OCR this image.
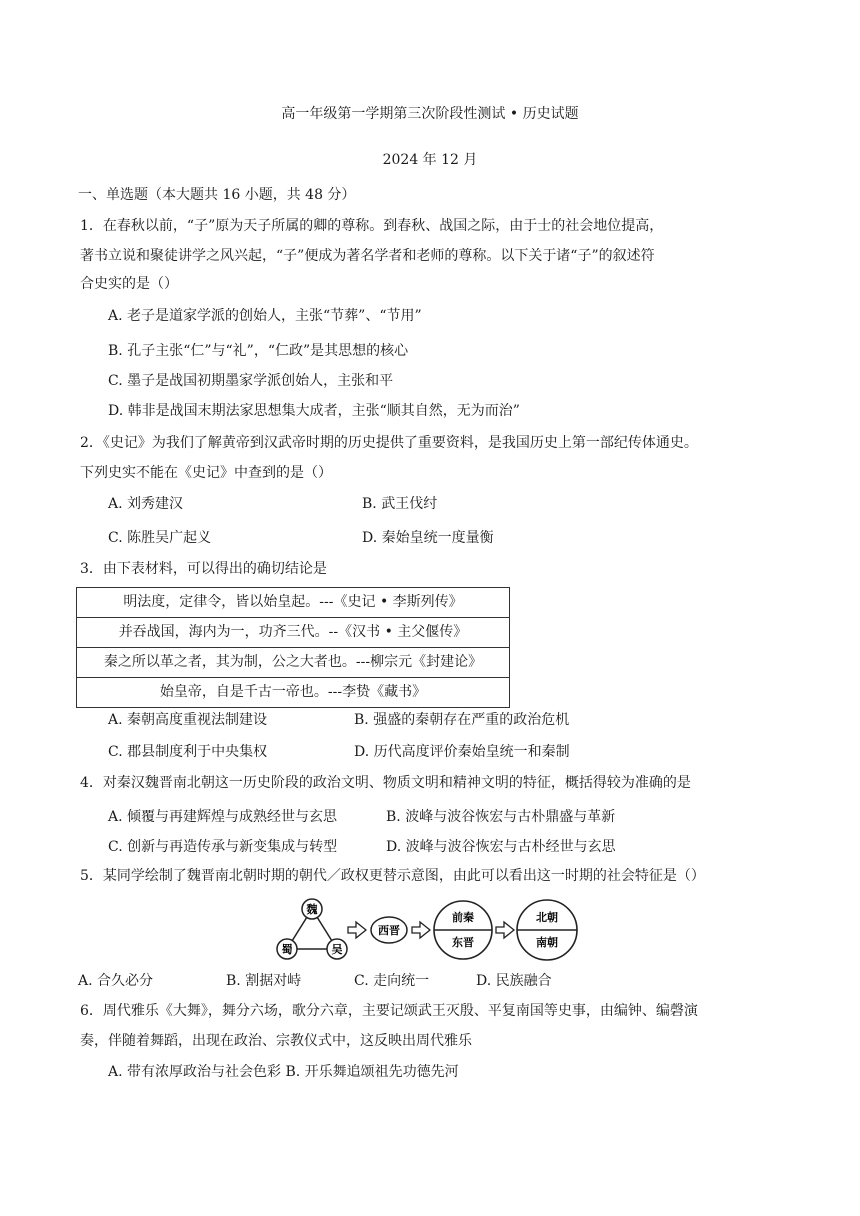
高一年级第一学期第三次阶段性测试 • 历史试题
2024 年 12 月
一、单选题（本大题共 16 小题，共 48 分）
1．在春秋以前，“子”原为天子所属的卿的尊称。到春秋、战国之际，由于士的社会地位提高，
著书立说和聚徒讲学之风兴起，“子”便成为著名学者和老师的尊称。以下关于诸“子”的叙述符
合史实的是（）
A. 老子是道家学派的创始人，主张“节葬”、“节用”
B. 孔子主张“仁”与“礼”，“仁政”是其思想的核心
C. 墨子是战国初期墨家学派创始人，主张和平
D. 韩非是战国末期法家思想集大成者，主张“顺其自然，无为而治”
2．《史记》为我们了解黄帝到汉武帝时期的历史提供了重要资料，是我国历史上第一部纪传体通史。
下列史实不能在《史记》中查到的是（）
A. 刘秀建汉	B. 武王伐纣
C. 陈胜吴广起义	D. 秦始皇统一度量衡
3．由下表材料，可以得出的确切结论是
明法度，定律令，皆以始皇起。---《史记 • 李斯列传》
并吞战国，海内为一，功齐三代。--《汉书 • 主父偃传》
秦之所以革之者，其为制，公之大者也。---柳宗元《封建论》
始皇帝，自是千古一帝也。---李贽《藏书》
A. 秦朝高度重视法制建设	B. 强盛的秦朝存在严重的政治危机
C. 郡县制度利于中央集权	D. 历代高度评价秦始皇统一和秦制
4．对秦汉魏晋南北朝这一历史阶段的政治文明、物质文明和精神文明的特征，概括得较为准确的是
A. 倾覆与再建辉煌与成熟经世与玄思	B. 波峰与波谷恢宏与古朴鼎盛与革新
C. 创新与再造传承与新变集成与转型	D. 波峰与波谷恢宏与古朴经世与玄思
5．某同学绘制了魏晋南北朝时期的朝代／政权更替示意图，由此可以看出这一时期的社会特征是（）
魏
蜀	吴
西晋
前秦
东晋
北朝
南朝
A. 合久必分	B. 割据对峙	C. 走向统一	D. 民族融合
6．周代雅乐《大舞》，舞分六场，歌分六章，主要记颂武王灭殷、平复南国等史事，由编钟、编磬演
奏，伴随着舞蹈，出现在政治、宗教仪式中，这反映出周代雅乐
A. 带有浓厚政治与社会色彩 B. 开乐舞追颂祖先功德先河
